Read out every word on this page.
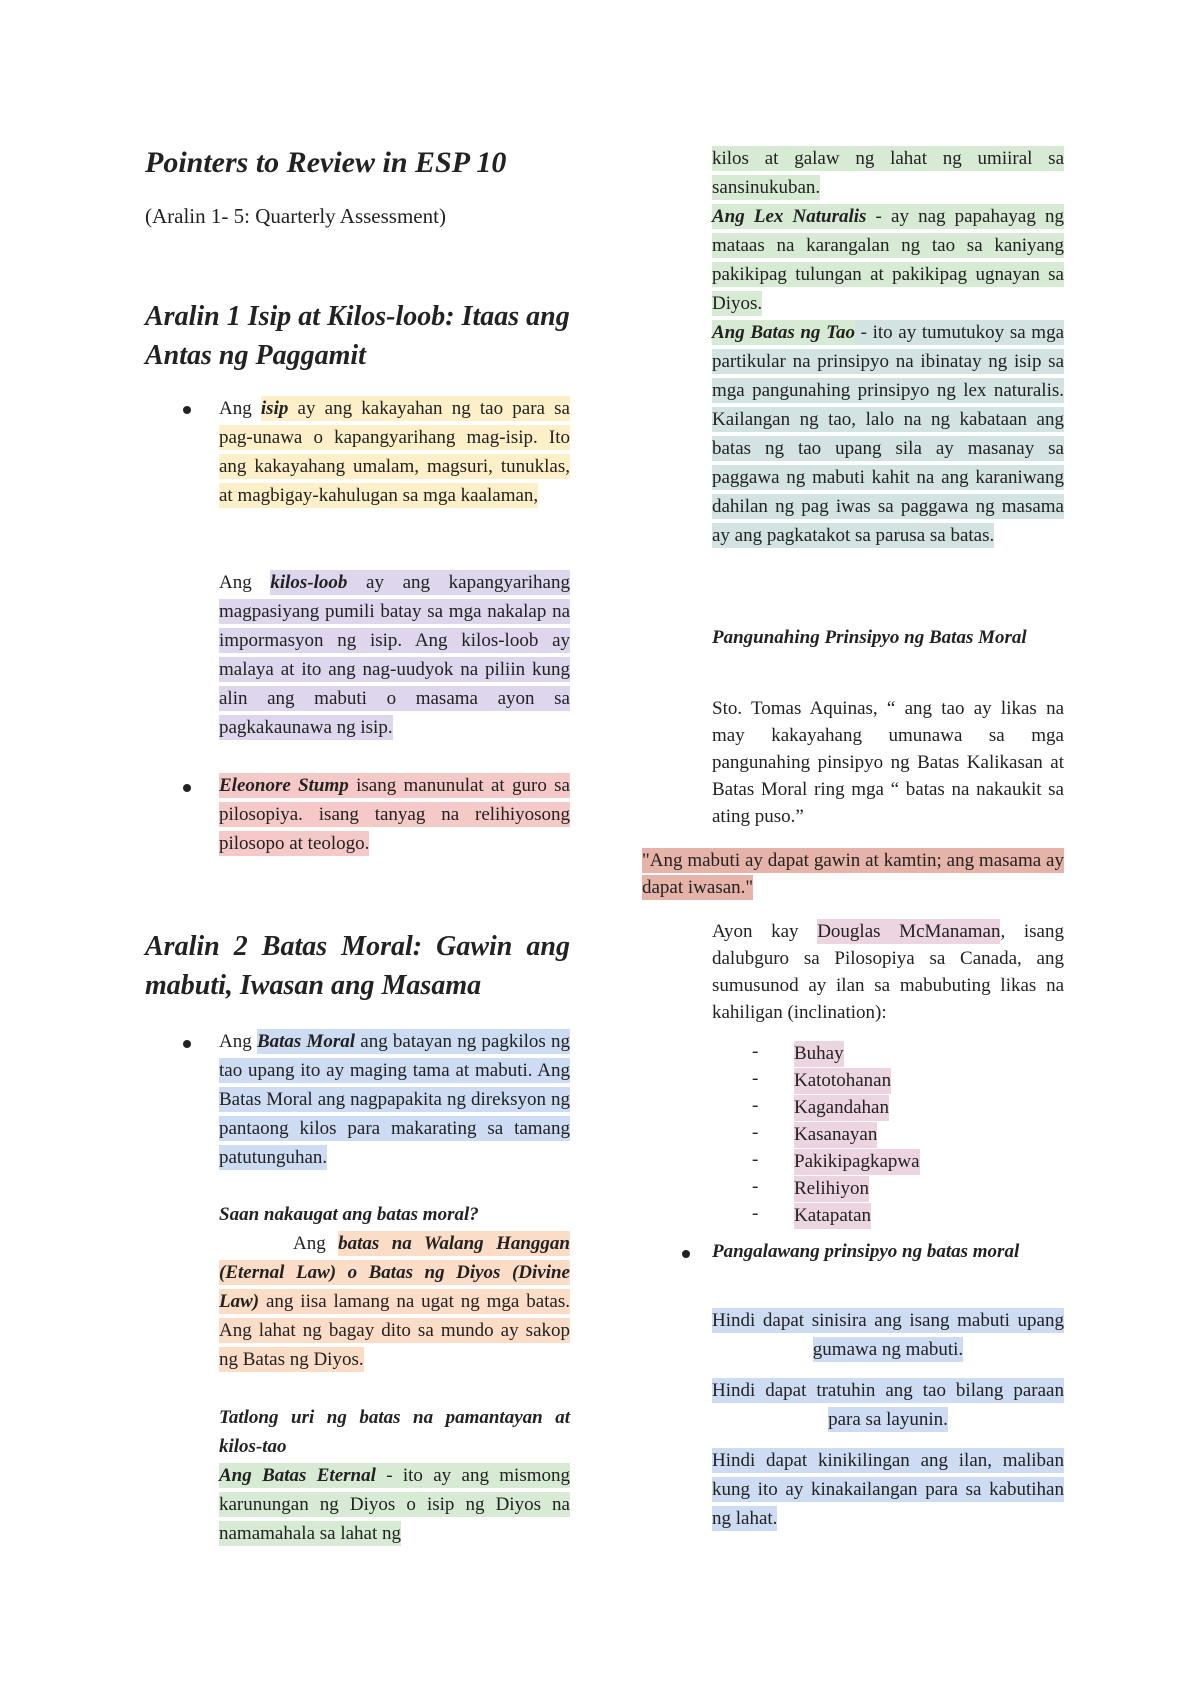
Pointers to Review in ESP 10
(Aralin 1- 5: Quarterly Assessment)
Aralin 1 Isip at Kilos-loob: Itaas ang Antas ng Paggamit
Ang isip ay ang kakayahan ng tao para sa pag-unawa o kapangyarihang mag-isip. Ito ang kakayahang umalam, magsuri, tunuklas, at magbigay-kahulugan sa mga kaalaman,
Ang kilos-loob ay ang kapangyarihang magpasiyang pumili batay sa mga nakalap na impormasyon ng isip. Ang kilos-loob ay malaya at ito ang nag-uudyok na piliin kung alin ang mabuti o masama ayon sa pagkakaunawa ng isip.
Eleonore Stump isang manunulat at guro sa pilosopiya. isang tanyag na relihiyosong pilosopo at teologo.
Aralin 2 Batas Moral: Gawin ang mabuti, Iwasan ang Masama
Ang Batas Moral ang batayan ng pagkilos ng tao upang ito ay maging tama at mabuti. Ang Batas Moral ang nagpapakita ng direksyon ng pantaong kilos para makarating sa tamang patutunguhan.
Saan nakaugat ang batas moral?
Ang batas na Walang Hanggan (Eternal Law) o Batas ng Diyos (Divine Law) ang iisa lamang na ugat ng mga batas. Ang lahat ng bagay dito sa mundo ay sakop ng Batas ng Diyos.
Tatlong uri ng batas na pamantayan at kilos-tao
Ang Batas Eternal - ito ay ang mismong karunungan ng Diyos o isip ng Diyos na namamahala sa lahat ng
kilos at galaw ng lahat ng umiiral sa sansinukuban.
Ang Lex Naturalis - ay nag papahayag ng mataas na karangalan ng tao sa kaniyang pakikipag tulungan at pakikipag ugnayan sa Diyos.
Ang Batas ng Tao - ito ay tumutukoy sa mga partikular na prinsipyo na ibinatay ng isip sa mga pangunahing prinsipyo ng lex naturalis. Kailangan ng tao, lalo na ng kabataan ang batas ng tao upang sila ay masanay sa paggawa ng mabuti kahit na ang karaniwang dahilan ng pag iwas sa paggawa ng masama ay ang pagkatakot sa parusa sa batas.
Pangunahing Prinsipyo ng Batas Moral
Sto. Tomas Aquinas, “ ang tao ay likas na may kakayahang umunawa sa mga pangunahing pinsipyo ng Batas Kalikasan at Batas Moral ring mga “ batas na nakaukit sa ating puso.”
"Ang mabuti ay dapat gawin at kamtin; ang masama ay dapat iwasan."
Ayon kay Douglas McManaman, isang dalubguro sa Pilosopiya sa Canada, ang sumusunod ay ilan sa mabubuting likas na kahiligan (inclination):
- Buhay
- Katotohanan
- Kagandahan
- Kasanayan
- Pakikipagkapwa
- Relihiyon
- Katapatan
Pangalawang prinsipyo ng batas moral
Hindi dapat sinisira ang isang mabuti upang gumawa ng mabuti.
Hindi dapat tratuhin ang tao bilang paraan para sa layunin.
Hindi dapat kinikilingan ang ilan, maliban kung ito ay kinakailangan para sa kabutihan ng lahat.
